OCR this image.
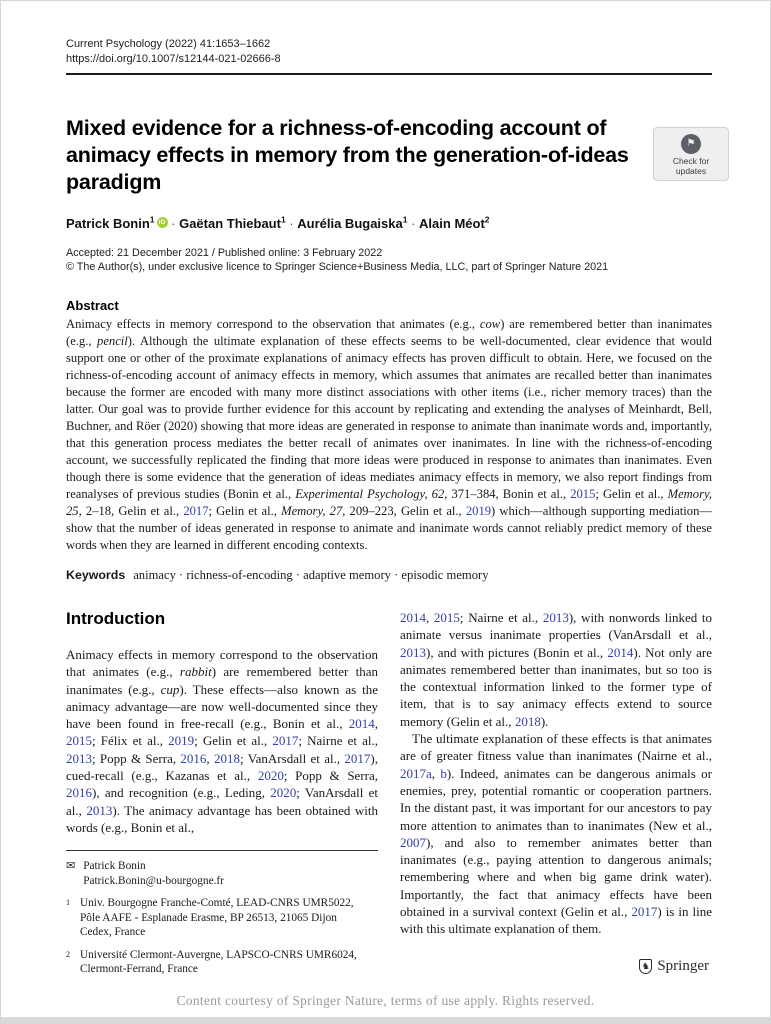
Current Psychology (2022) 41:1653–1662
https://doi.org/10.1007/s12144-021-02666-8
⚑
Check for
updates
Mixed evidence for a richness-of-encoding account of animacy effects in memory from the generation-of-ideas paradigm
Patrick Bonin$^1$ iD · Gaëtan Thiebaut$^1$ · Aurélia Bugaiska$^1$ · Alain Méot$^2$
Accepted: 21 December 2021 / Published online: 3 February 2022
© The Author(s), under exclusive licence to Springer Science+Business Media, LLC, part of Springer Nature 2021
Abstract

Animacy effects in memory correspond to the observation that animates (e.g., cow) are remembered better than inanimates (e.g., pencil). Although the ultimate explanation of these effects seems to be well-documented, clear evidence that would support one or other of the proximate explanations of animacy effects has proven difficult to obtain. Here, we focused on the richness-of-encoding account of animacy effects in memory, which assumes that animates are recalled better than inanimates because the former are encoded with many more distinct associations with other items (i.e., richer memory traces) than the latter. Our goal was to provide further evidence for this account by replicating and extending the analyses of Meinhardt, Bell, Buchner, and Röer (2020) showing that more ideas are generated in response to animate than inanimate words and, importantly, that this generation process mediates the better recall of animates over inanimates. In line with the richness-of-encoding account, we successfully replicated the finding that more ideas were produced in response to animates than inanimates. Even though there is some evidence that the generation of ideas mediates animacy effects in memory, we also report findings from reanalyses of previous studies (Bonin et al., Experimental Psychology, 62, 371–384, Bonin et al., 2015; Gelin et al., Memory, 25, 2–18, Gelin et al., 2017; Gelin et al., Memory, 27, 209–223, Gelin et al., 2019) which—although supporting mediation—show that the number of ideas generated in response to animate and inanimate words cannot reliably predict memory of these words when they are learned in different encoding contexts.

Keywords animacy · richness-of-encoding · adaptive memory · episodic memory
Introduction

Animacy effects in memory correspond to the observation that animates (e.g., rabbit) are remembered better than inanimates (e.g., cup). These effects—also known as the animacy advantage—are now well-documented since they have been found in free-recall (e.g., Bonin et al., 2014, 2015; Félix et al., 2019; Gelin et al., 2017; Nairne et al., 2013; Popp & Serra, 2016, 2018; VanArsdall et al., 2017), cued-recall (e.g., Kazanas et al., 2020; Popp & Serra, 2016), and recognition (e.g., Leding, 2020; VanArsdall et al., 2013). The animacy advantage has been obtained with words (e.g., Bonin et al.,

✉ Patrick Bonin
Patrick.Bonin@u-bourgogne.fr
1 Univ. Bourgogne Franche-Comté, LEAD-CNRS UMR5022, Pôle AAFE - Esplanade Erasme, BP 26513, 21065 Dijon Cedex, France
2 Université Clermont-Auvergne, LAPSCO-CNRS UMR6024, Clermont-Ferrand, France

2014, 2015; Nairne et al., 2013), with nonwords linked to animate versus inanimate properties (VanArsdall et al., 2013), and with pictures (Bonin et al., 2014). Not only are animates remembered better than inanimates, but so too is the contextual information linked to the former type of item, that is to say animacy effects extend to source memory (Gelin et al., 2018).

The ultimate explanation of these effects is that animates are of greater fitness value than inanimates (Nairne et al., 2017a, b). Indeed, animates can be dangerous animals or enemies, prey, potential romantic or cooperation partners. In the distant past, it was important for our ancestors to pay more attention to animates than to inanimates (New et al., 2007), and also to remember animates better than inanimates (e.g., paying attention to dangerous animals; remembering where and when big game drink water). Importantly, the fact that animacy effects have been obtained in a survival context (Gelin et al., 2017) is in line with this ultimate explanation of them.

♞ Springer
Content courtesy of Springer Nature, terms of use apply. Rights reserved.
